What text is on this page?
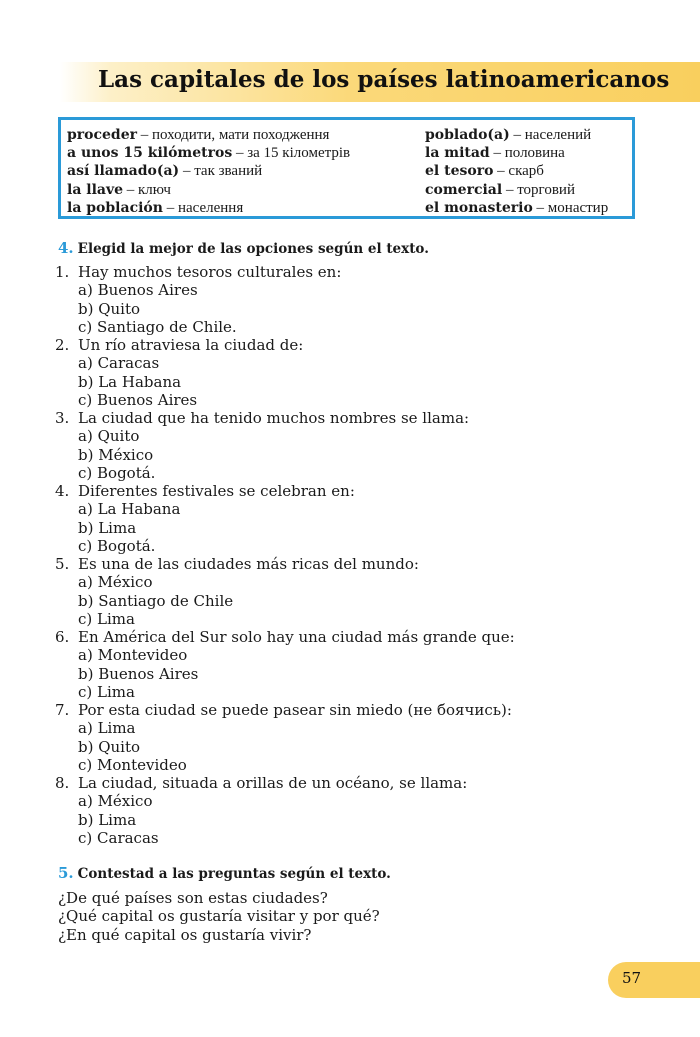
Las capitales de los países latinoamericanos
proceder – походити, мати походження
a unos 15 kilómetros – за 15 кілометрів
así llamado(a) – так званий
la llave – ключ
la población – населення
poblado(a) – населений
la mitad – половина
el tesoro – скарб
comercial – торговий
el monasterio – монастир
4. Elegid la mejor de las opciones según el texto.
1. Hay muchos tesoros culturales en:
a) Buenos Aires
b) Quito
c) Santiago de Chile.
2. Un río atraviesa la ciudad de:
a) Caracas
b) La Habana
c) Buenos Aires
3. La ciudad que ha tenido muchos nombres se llama:
a) Quito
b) México
c) Bogotá.
4. Diferentes festivales se celebran en:
a) La Habana
b) Lima
c) Bogotá.
5. Es una de las ciudades más ricas del mundo:
a) México
b) Santiago de Chile
c) Lima
6. En América del Sur solo hay una ciudad más grande que:
a) Montevideo
b) Buenos Aires
c) Lima
7. Por esta ciudad se puede pasear sin miedo (не боячись):
a) Lima
b) Quito
c) Montevideo
8. La ciudad, situada a orillas de un océano, se llama:
a) México
b) Lima
c) Caracas
5. Contestad a las preguntas según el texto.
¿De qué países son estas ciudades?
¿Qué capital os gustaría visitar y por qué?
¿En qué capital os gustaría vivir?
57
